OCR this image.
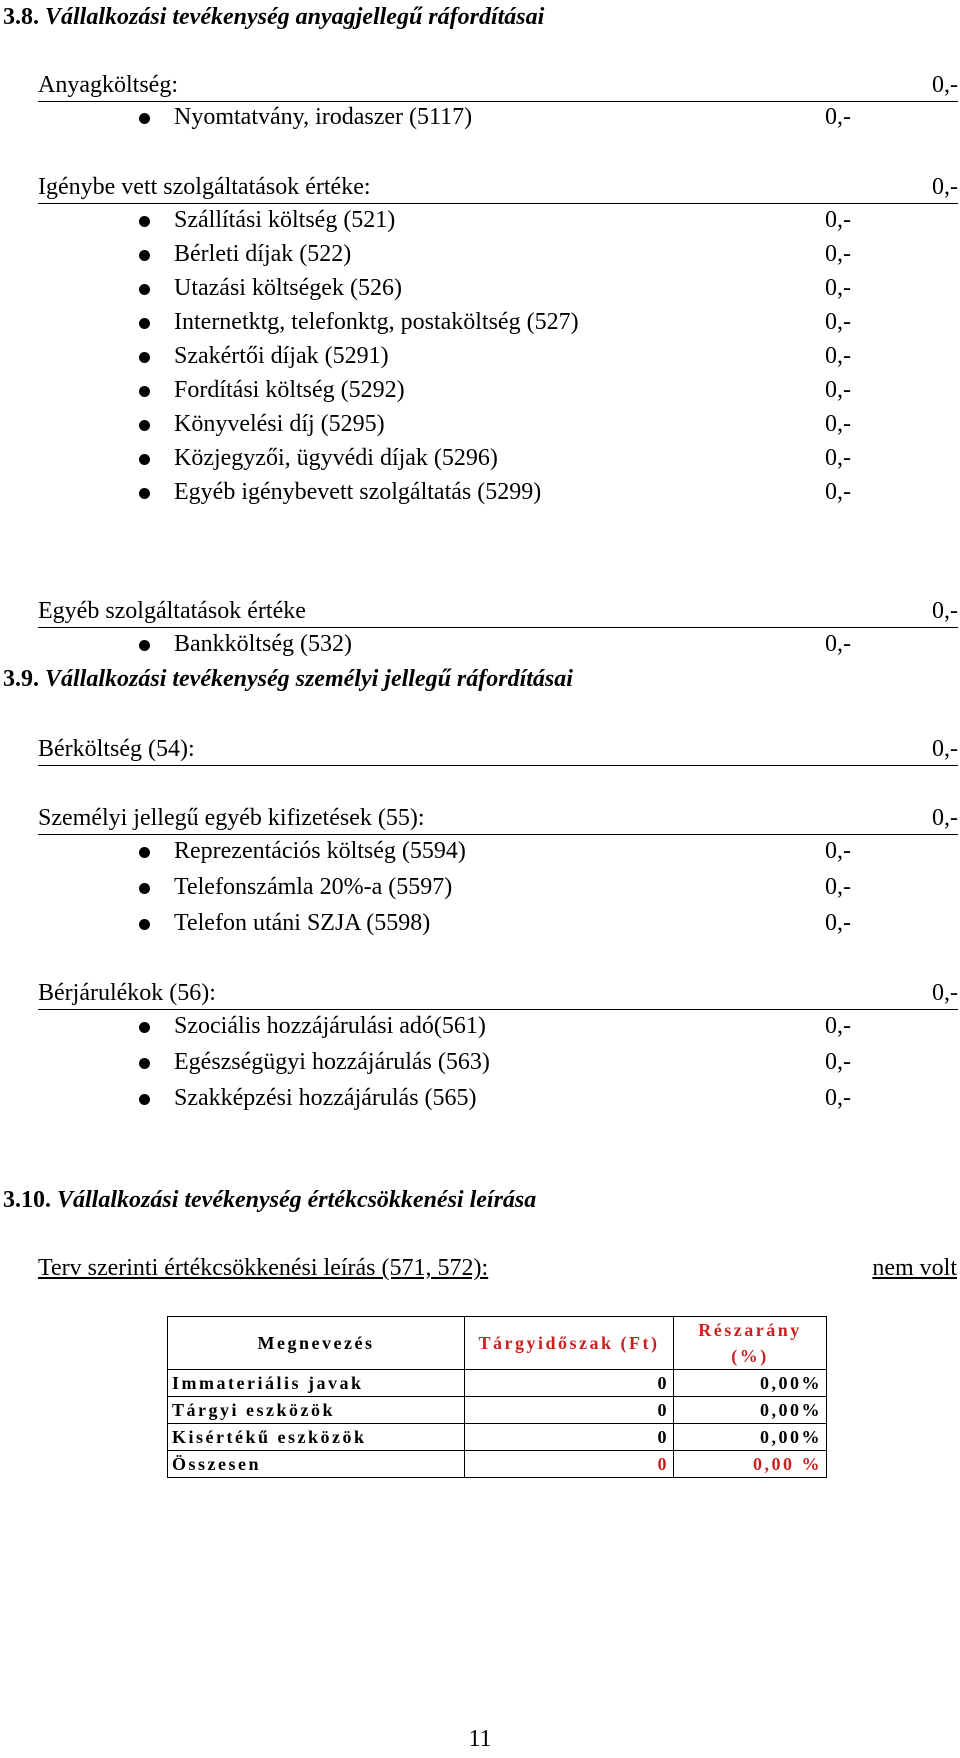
3.8. Vállalkozási tevékenység anyagjellegű ráfordításai
Anyagköltség:	0,-
Nyomtatvány, irodaszer (5117)	0,-
Igénybe vett szolgáltatások értéke:	0,-
Szállítási költség (521)	0,-
Bérleti díjak (522)	0,-
Utazási költségek (526)	0,-
Internetktg, telefonktg, postaköltség (527)	0,-
Szakértői díjak (5291)	0,-
Fordítási költség (5292)	0,-
Könyvelési díj (5295)	0,-
Közjegyzői, ügyvédi díjak (5296)	0,-
Egyéb igénybevett szolgáltatás (5299)	0,-
Egyéb szolgáltatások értéke	0,-
Bankköltség (532)	0,-
3.9. Vállalkozási tevékenység személyi jellegű ráfordításai
Bérköltség (54):	0,-
Személyi jellegű egyéb kifizetések (55):	0,-
Reprezentációs költség (5594)	0,-
Telefonszámla 20%-a (5597)	0,-
Telefon utáni SZJA (5598)	0,-
Bérjárulékok (56):	0,-
Szociális hozzájárulási adó(561)	0,-
Egészségügyi hozzájárulás (563)	0,-
Szakképzési hozzájárulás (565)	0,-
3.10. Vállalkozási tevékenység értékcsökkenési leírása
Terv szerinti értékcsökkenési leírás (571, 572):	nem volt
Megnevezés	Tárgyidőszak (Ft)	Részarány (%)
Immateriális javak	0	0,00%
Tárgyi eszközök	0	0,00%
Kisértékű eszközök	0	0,00%
Összesen	0	0,00 %
11
